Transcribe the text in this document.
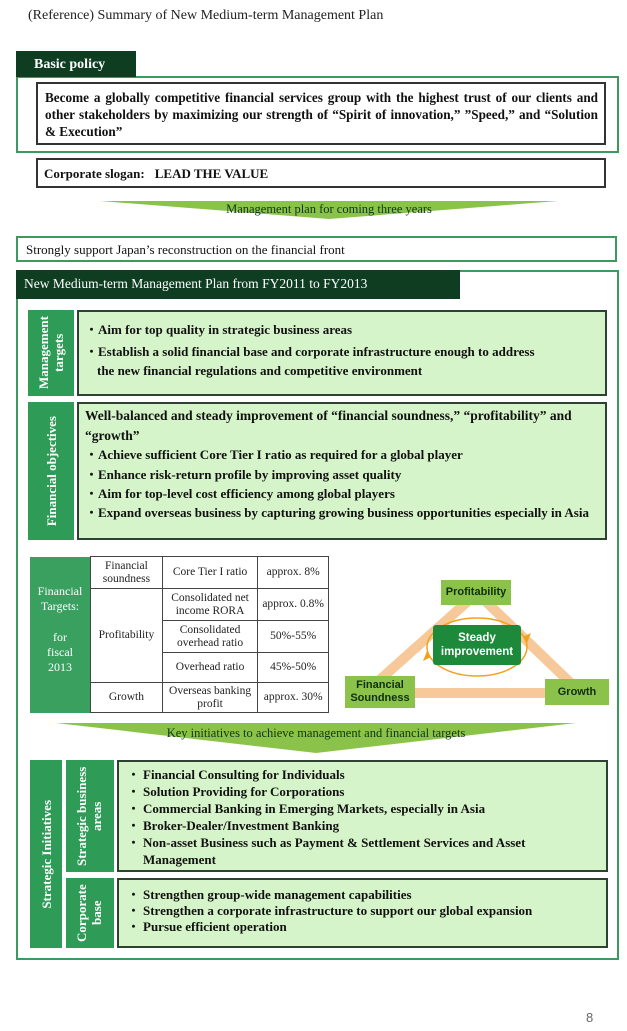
(Reference) Summary of New Medium-term Management Plan
Basic policy
Become a globally competitive financial services group with the highest trust of our clients and other stakeholders by maximizing our strength of “Spirit of innovation,” ”Speed,” and “Solution & Execution”
Corporate slogan: LEAD THE VALUE
Management plan for coming three years
Strongly support Japan’s reconstruction on the financial front
New Medium-term Management Plan from FY2011 to FY2013
Management targets
・Aim for top quality in strategic business areas
・Establish a solid financial base and corporate infrastructure enough to address
the new financial regulations and competitive environment
Financial objectives
Well-balanced and steady improvement of “financial soundness,” “profitability” and “growth”
・Achieve sufficient Core Tier I ratio as required for a global player
・Enhance risk-return profile by improving asset quality
・Aim for top-level cost efficiency among global players
・Expand overseas business by capturing growing business opportunities especially in Asia
Financial
Targets:
for
fiscal
2013
Financial soundness	Core Tier I ratio	approx. 8%
Profitability	Consolidated net income RORA	approx. 0.8%
	Consolidated overhead ratio	50%-55%
	Overhead ratio	45%-50%
Growth	Overseas banking profit	approx. 30%
Profitability
Financial Soundness	Growth
Steady improvement
Key initiatives to achieve management and financial targets
Strategic Initiatives Strategic business areas
・ Financial Consulting for Individuals
・ Solution Providing for Corporations
・ Commercial Banking in Emerging Markets, especially in Asia
・ Broker-Dealer/Investment Banking
・ Non-asset Business such as Payment & Settlement Services and Asset
Management
Corporate base
・ Strengthen group-wide management capabilities
・ Strengthen a corporate infrastructure to support our global expansion
・ Pursue efficient operation
8
